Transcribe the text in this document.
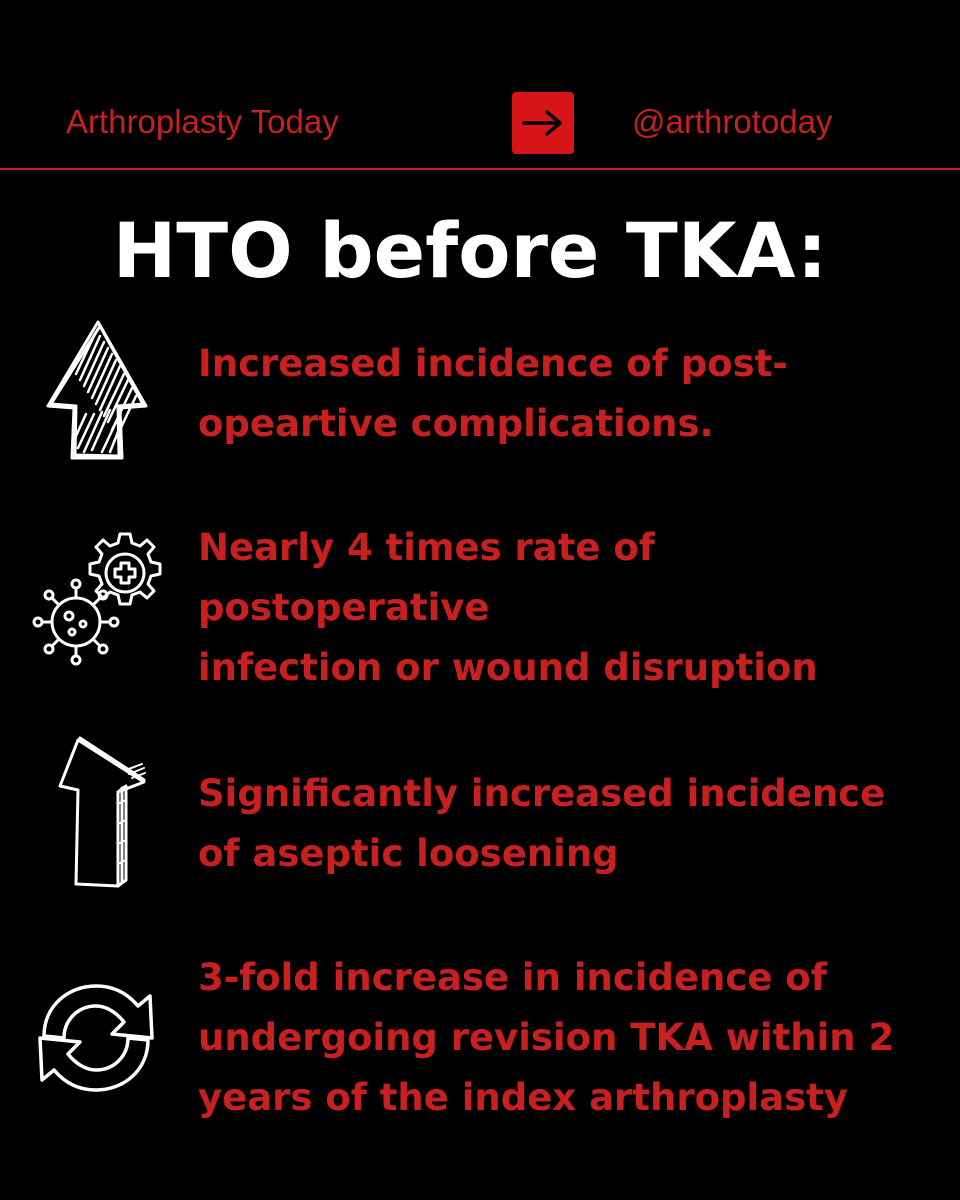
Arthroplasty Today	@arthrotoday
HTO before TKA:
Increased incidence of post-
opeartive complications.
Nearly 4 times rate of
postoperative
infection or wound disruption
Significantly increased incidence
of aseptic loosening
3-fold increase in incidence of
undergoing revision TKA within 2
years of the index arthroplasty
